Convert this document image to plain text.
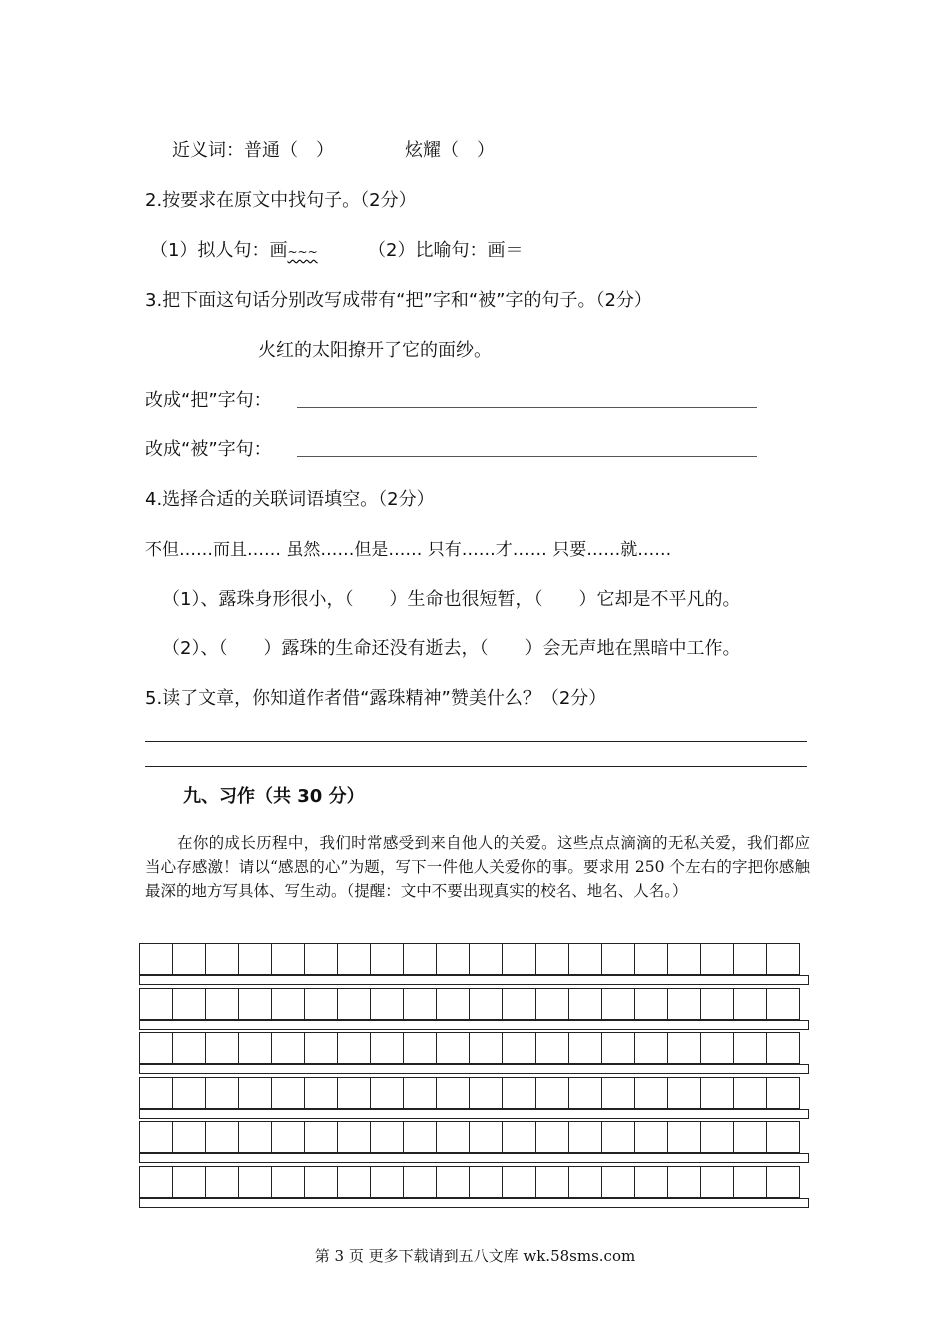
近义词：普通（　）	炫耀（　）
2.按要求在原文中找句子。（2分）
（1）拟人句：画~~~	（2）比喻句：画＝
3.把下面这句话分别改写成带有“把”字和“被”字的句子。（2分）
火红的太阳撩开了它的面纱。
改成“把”字句：
改成“被”字句：
4.选择合适的关联词语填空。（2分）
不但……而且…… 虽然……但是…… 只有……才…… 只要……就……
（1）、露珠身形很小，（　　）生命也很短暂，（　　）它却是不平凡的。
（2）、（　　）露珠的生命还没有逝去，（　　）会无声地在黑暗中工作。
5.读了文章，你知道作者借“露珠精神”赞美什么？（2分）
九、习作（共 30 分）
在你的成长历程中，我们时常感受到来自他人的关爱。这些点点滴滴的无私关爱，我们都应当心存感激！请以“感恩的心”为题，写下一件他人关爱你的事。要求用 250 个左右的字把你感触最深的地方写具体、写生动。（提醒：文中不要出现真实的校名、地名、人名。）
第 3 页 更多下载请到五八文库 wk.58sms.com
